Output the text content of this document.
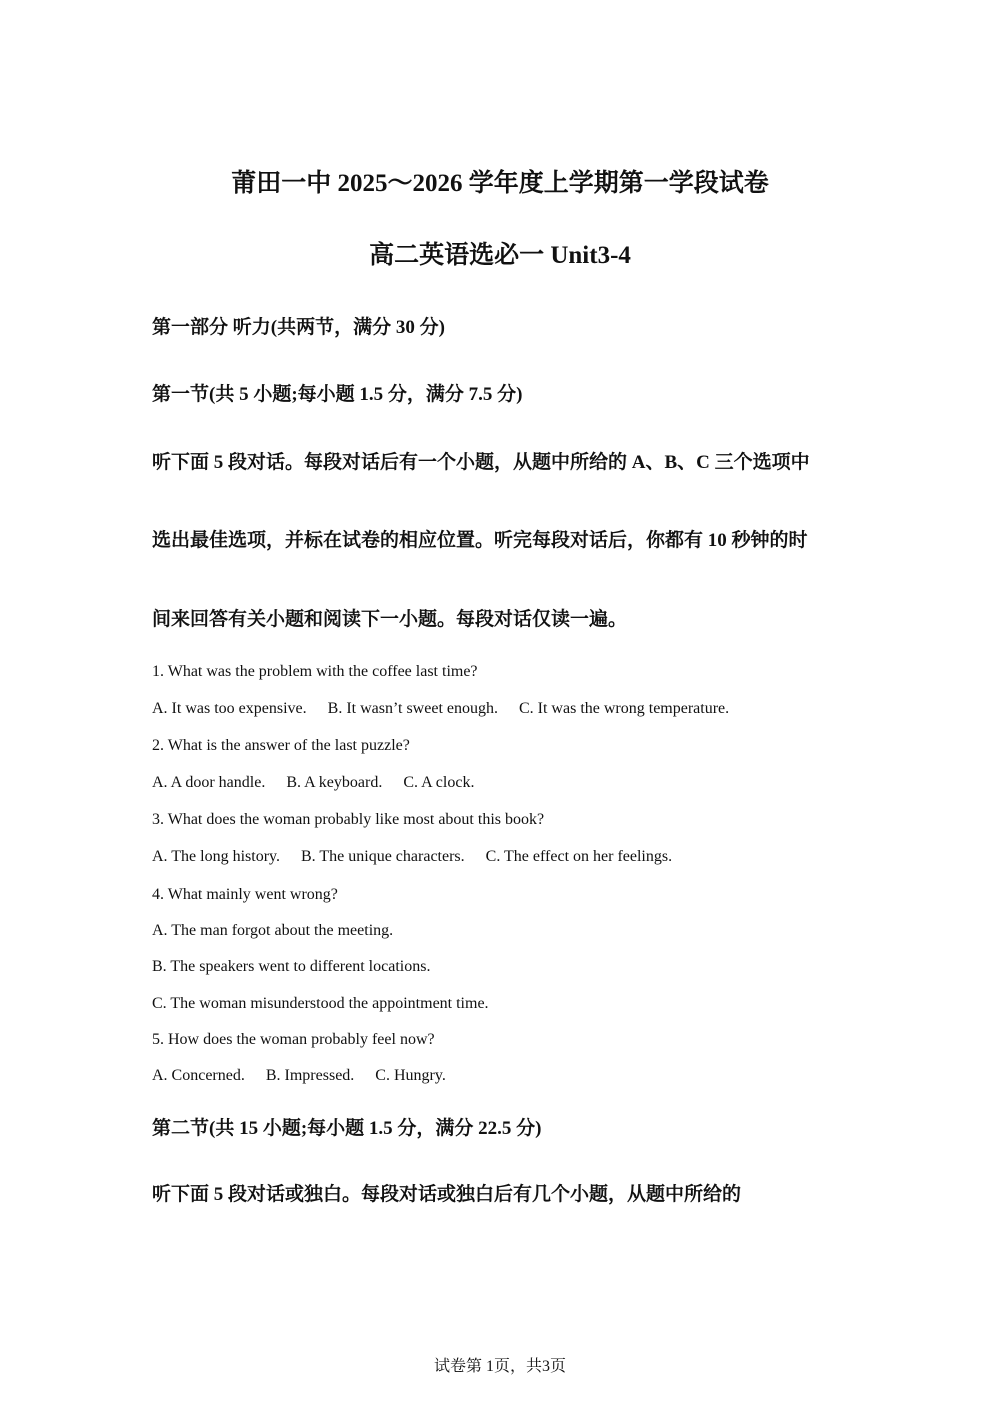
莆田一中 2025～2026 学年度上学期第一学段试卷
高二英语选必一 Unit3-4
第一部分 听力(共两节，满分 30 分)
第一节(共 5 小题;每小题 1.5 分，满分 7.5 分)
听下面 5 段对话。每段对话后有一个小题，从题中所给的 A、B、C 三个选项中
选出最佳选项，并标在试卷的相应位置。听完每段对话后，你都有 10 秒钟的时
间来回答有关小题和阅读下一小题。每段对话仅读一遍。
1. What was the problem with the coffee last time?
A. It was too expensive. B. It wasn’t sweet enough. C. It was the wrong temperature.
2. What is the answer of the last puzzle?
A. A door handle. B. A keyboard. C. A clock.
3. What does the woman probably like most about this book?
A. The long history. B. The unique characters. C. The effect on her feelings.
4. What mainly went wrong?
A. The man forgot about the meeting.
B. The speakers went to different locations.
C. The woman misunderstood the appointment time.
5. How does the woman probably feel now?
A. Concerned. B. Impressed. C. Hungry.
第二节(共 15 小题;每小题 1.5 分，满分 22.5 分)
听下面 5 段对话或独白。每段对话或独白后有几个小题，从题中所给的
试卷第 1页，共3页
